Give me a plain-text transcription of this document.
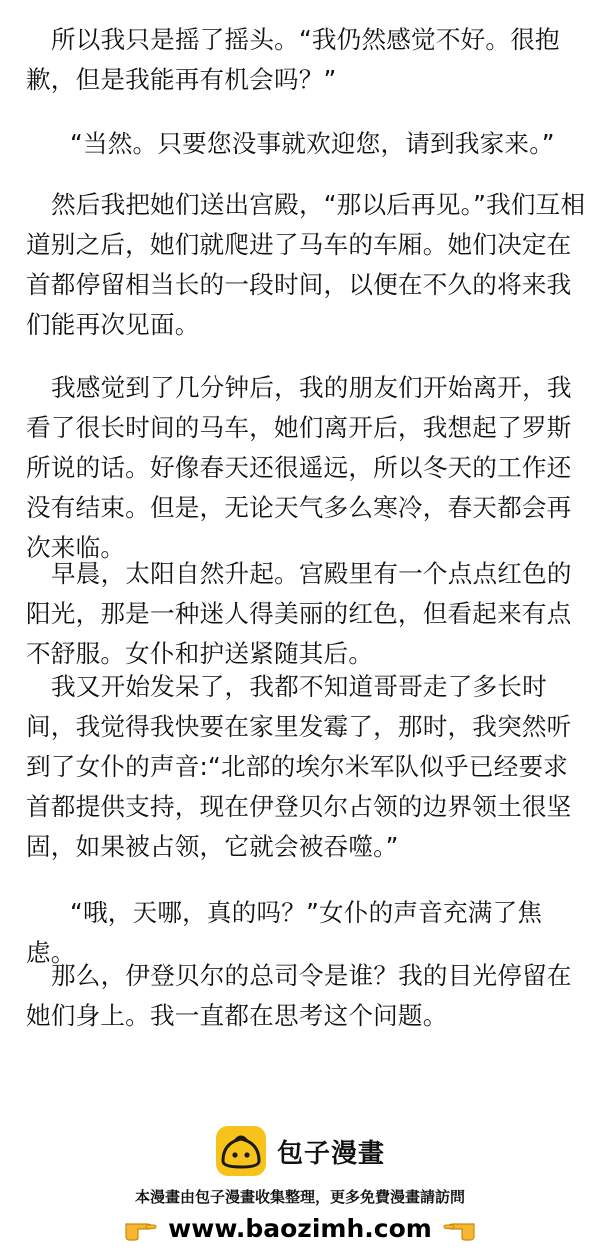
所以我只是摇了摇头。“我仍然感觉不好。很抱歉，但是我能再有机会吗？”

“当然。只要您没事就欢迎您，请到我家来。”

然后我把她们送出宫殿，“那以后再见。”我们互相道别之后，她们就爬进了马车的车厢。她们决定在首都停留相当长的一段时间，以便在不久的将来我们能再次见面。

我感觉到了几分钟后，我的朋友们开始离开，我看了很长时间的马车，她们离开后，我想起了罗斯所说的话。好像春天还很遥远，所以冬天的工作还没有结束。但是，无论天气多么寒冷，春天都会再次来临。

早晨，太阳自然升起。宫殿里有一个点点红色的阳光，那是一种迷人得美丽的红色，但看起来有点不舒服。女仆和护送紧随其后。

我又开始发呆了，我都不知道哥哥走了多长时间，我觉得我快要在家里发霉了，那时，我突然听到了女仆的声音:“北部的埃尔米军队似乎已经要求首都提供支持，现在伊登贝尔占领的边界领土很坚固，如果被占领，它就会被吞噬。”

“哦，天哪，真的吗？”女仆的声音充满了焦虑。

那么，伊登贝尔的总司令是谁？我的目光停留在她们身上。我一直都在思考这个问题。

包子漫畫
本漫畫由包子漫畫收集整理，更多免費漫畫請訪問
www.baozimh.com
